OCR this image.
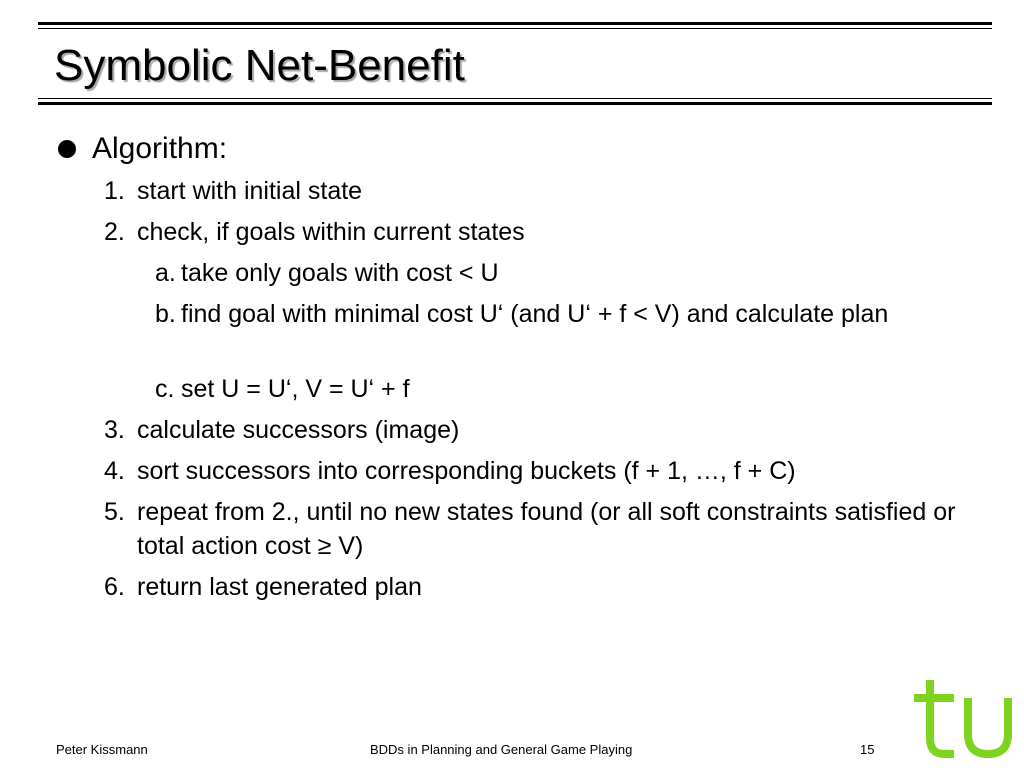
Symbolic Net-Benefit
Algorithm:
1. start with initial state
2. check, if goals within current states
a. take only goals with cost < U
b. find goal with minimal cost U‘ (and U‘ + f < V) and calculate plan
c. set U = U‘, V = U‘ + f
3. calculate successors (image)
4. sort successors into corresponding buckets (f + 1, …, f + C)
5. repeat from 2., until no new states found (or all soft constraints satisfied or total action cost ≥ V)
6. return last generated plan
Peter Kissmann	BDDs in Planning and General Game Playing	15
